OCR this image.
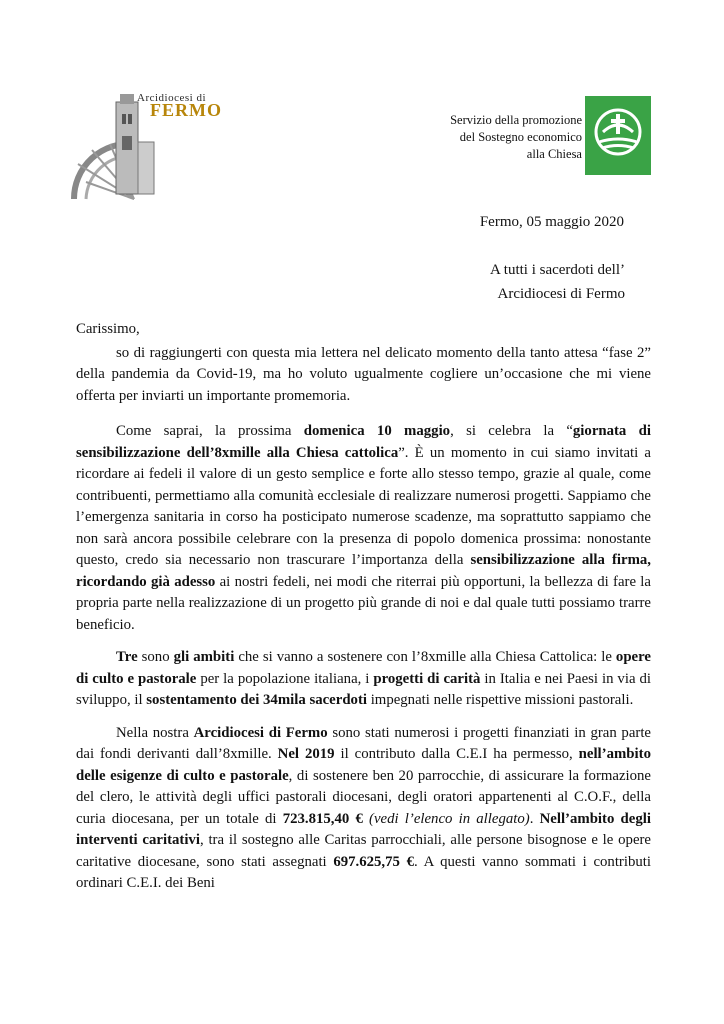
Arcidiocesi di
FERMO	Servizio della promozione
del Sostegno economico
alla Chiesa
Fermo, 05 maggio 2020
A tutti i sacerdoti dell’
Arcidiocesi di Fermo

Carissimo,

so di raggiungerti con questa mia lettera nel delicato momento della tanto attesa “fase 2” della pandemia da Covid-19, ma ho voluto ugualmente cogliere un’occasione che mi viene offerta per inviarti un importante promemoria.

Come saprai, la prossima domenica 10 maggio, si celebra la “giornata di sensibilizzazione dell’8xmille alla Chiesa cattolica”. È un momento in cui siamo invitati a ricordare ai fedeli il valore di un gesto semplice e forte allo stesso tempo, grazie al quale, come contribuenti, permettiamo alla comunità ecclesiale di realizzare numerosi progetti. Sappiamo che l’emergenza sanitaria in corso ha posticipato numerose scadenze, ma soprattutto sappiamo che non sarà ancora possibile celebrare con la presenza di popolo domenica prossima: nonostante questo, credo sia necessario non trascurare l’importanza della sensibilizzazione alla firma, ricordando già adesso ai nostri fedeli, nei modi che riterrai più opportuni, la bellezza di fare la propria parte nella realizzazione di un progetto più grande di noi e dal quale tutti possiamo trarre beneficio.

Tre sono gli ambiti che si vanno a sostenere con l’8xmille alla Chiesa Cattolica: le opere di culto e pastorale per la popolazione italiana, i progetti di carità in Italia e nei Paesi in via di sviluppo, il sostentamento dei 34mila sacerdoti impegnati nelle rispettive missioni pastorali.

Nella nostra Arcidiocesi di Fermo sono stati numerosi i progetti finanziati in gran parte dai fondi derivanti dall’8xmille. Nel 2019 il contributo dalla C.E.I ha permesso, nell’ambito delle esigenze di culto e pastorale, di sostenere ben 20 parrocchie, di assicurare la formazione del clero, le attività degli uffici pastorali diocesani, degli oratori appartenenti al C.O.F., della curia diocesana, per un totale di 723.815,40 € (vedi l’elenco in allegato). Nell’ambito degli interventi caritativi, tra il sostegno alle Caritas parrocchiali, alle persone bisognose e le opere caritative diocesane, sono stati assegnati 697.625,75 €. A questi vanno sommati i contributi ordinari C.E.I. dei Beni
